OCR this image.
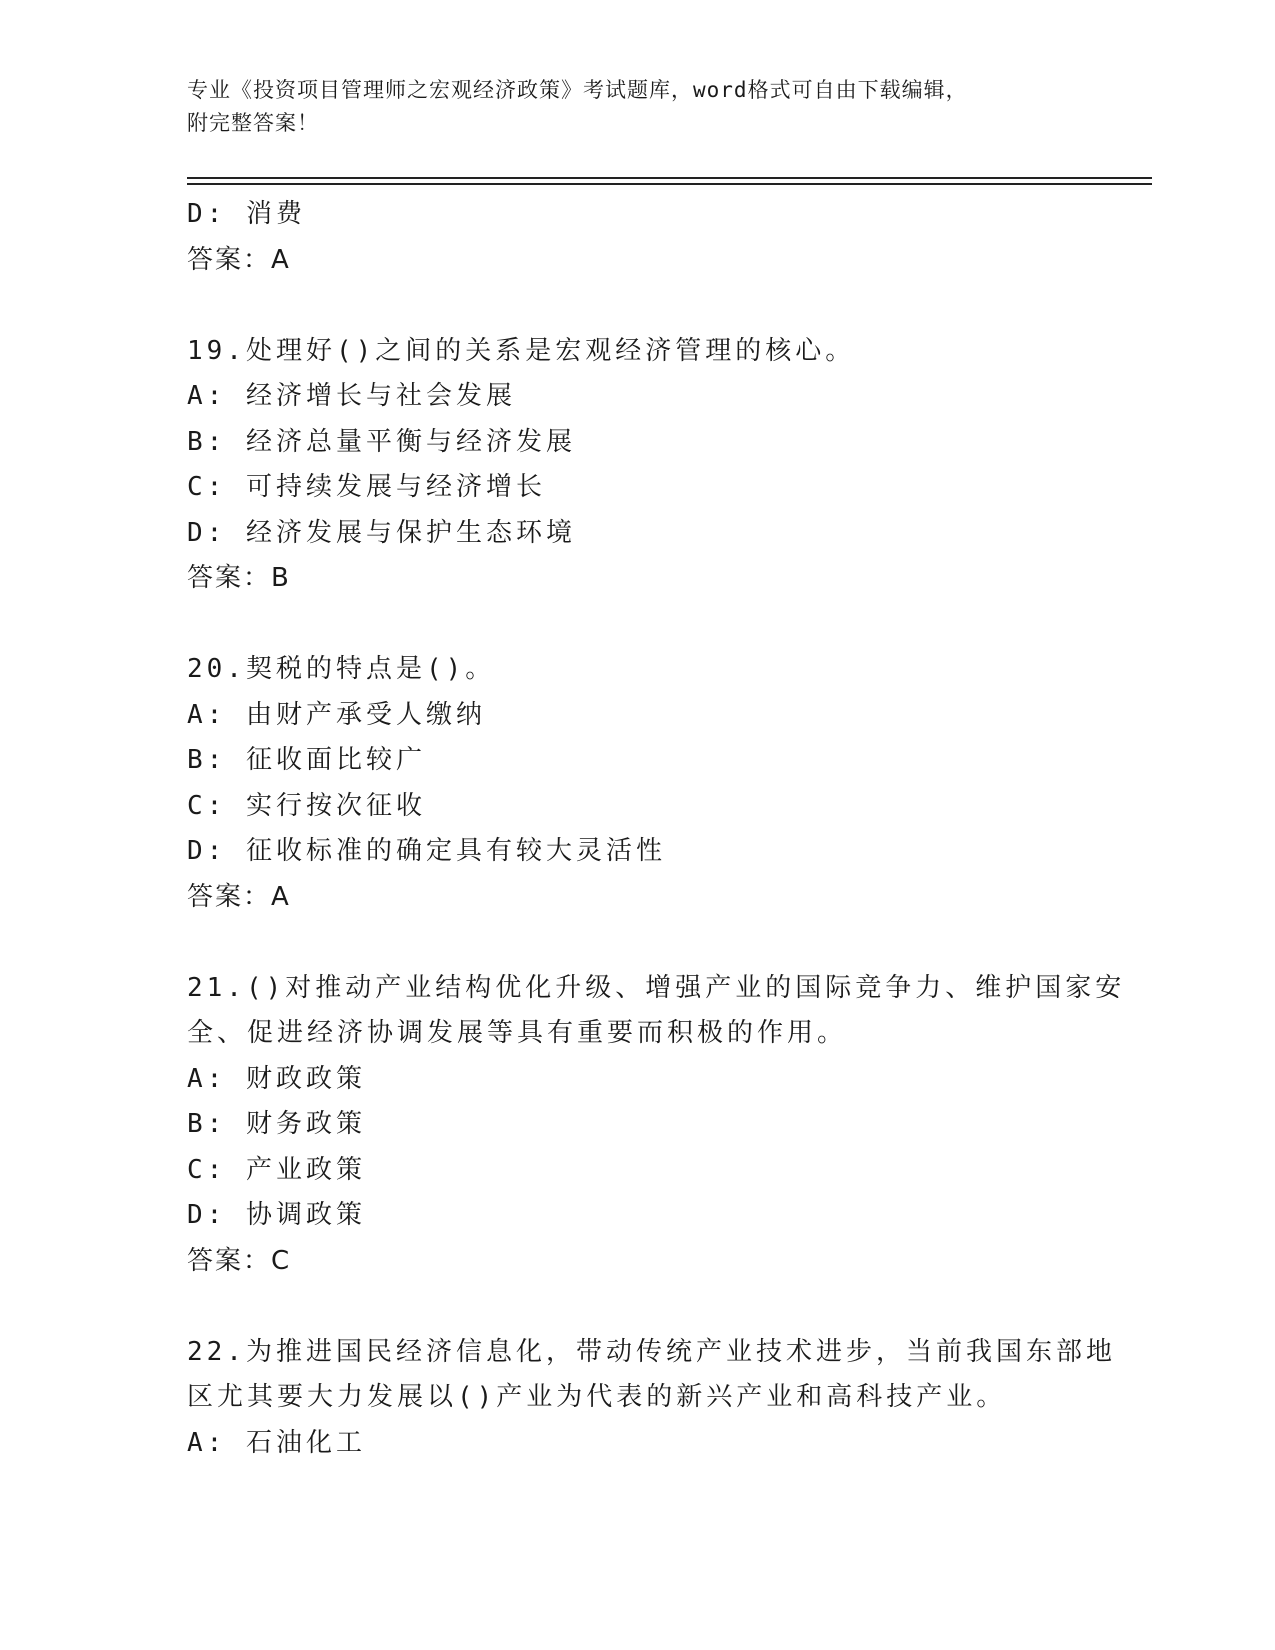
专业《投资项目管理师之宏观经济政策》考试题库，word格式可自由下载编辑，
附完整答案！
D: 消费
答案：A
19.处理好()之间的关系是宏观经济管理的核心。
A: 经济增长与社会发展
B: 经济总量平衡与经济发展
C: 可持续发展与经济增长
D: 经济发展与保护生态环境
答案：B
20.契税的特点是()。
A: 由财产承受人缴纳
B: 征收面比较广
C: 实行按次征收
D: 征收标准的确定具有较大灵活性
答案：A
21.()对推动产业结构优化升级、增强产业的国际竞争力、维护国家安
全、促进经济协调发展等具有重要而积极的作用。
A: 财政政策
B: 财务政策
C: 产业政策
D: 协调政策
答案：C
22.为推进国民经济信息化，带动传统产业技术进步，当前我国东部地
区尤其要大力发展以()产业为代表的新兴产业和高科技产业。
A: 石油化工
